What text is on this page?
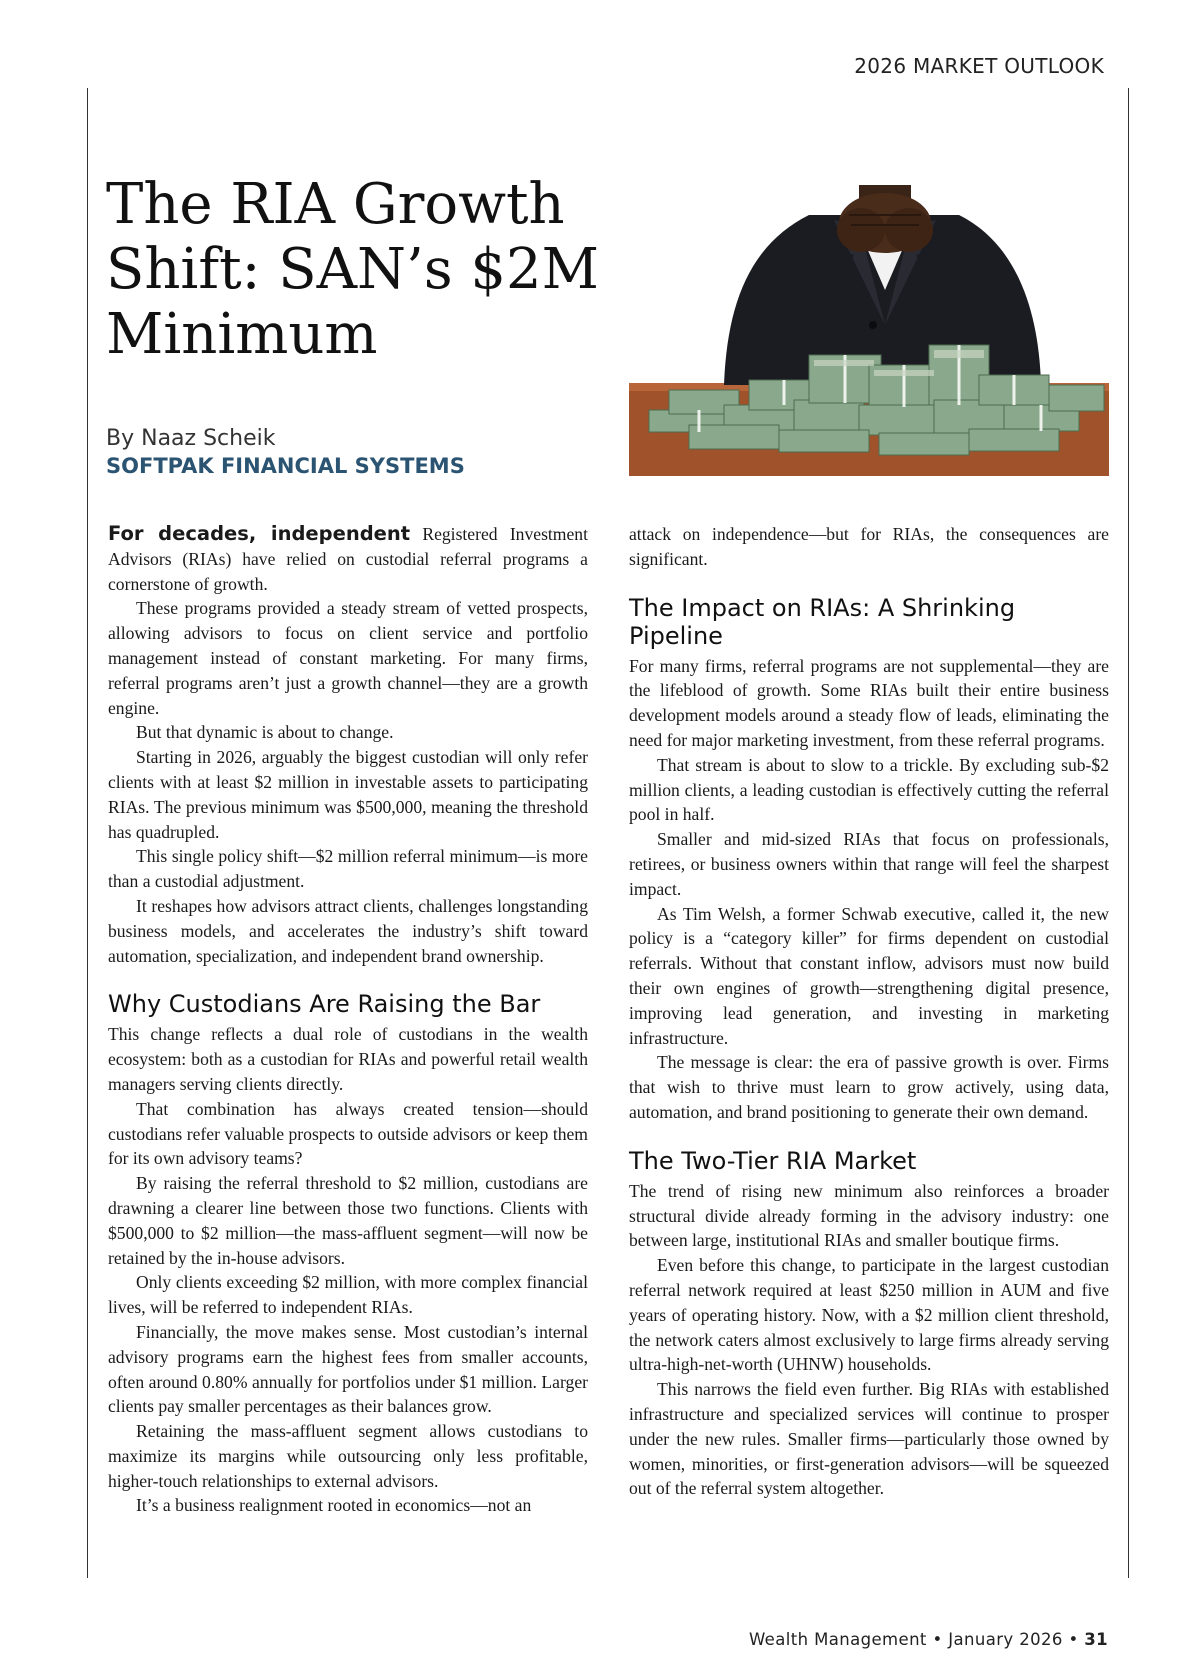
2026 MARKET OUTLOOK
The RIA Growth Shift: SAN’s $2M Minimum
By Naaz Scheik
SOFTPAK FINANCIAL SYSTEMS

For decades, independent Registered Investment Advisors (RIAs) have relied on custodial referral programs a cornerstone of growth.

These programs provided a steady stream of vetted prospects, allowing advisors to focus on client service and portfolio management instead of constant marketing. For many firms, referral programs aren’t just a growth channel—they are a growth engine.

But that dynamic is about to change.

Starting in 2026, arguably the biggest custodian will only refer clients with at least $2 million in investable assets to participating RIAs. The previous minimum was $500,000, meaning the threshold has quadrupled.

This single policy shift—$2 million referral minimum—is more than a custodial adjustment.

It reshapes how advisors attract clients, challenges longstanding business models, and accelerates the industry’s shift toward automation, specialization, and independent brand ownership.

Why Custodians Are Raising the Bar

This change reflects a dual role of custodians in the wealth ecosystem: both as a custodian for RIAs and powerful retail wealth managers serving clients directly.

That combination has always created tension—should custodians refer valuable prospects to outside advisors or keep them for its own advisory teams?

By raising the referral threshold to $2 million, custodians are drawning a clearer line between those two functions. Clients with $500,000 to $2 million—the mass-affluent segment—will now be retained by the in-house advisors.

Only clients exceeding $2 million, with more complex financial lives, will be referred to independent RIAs.

Financially, the move makes sense. Most custodian’s internal advisory programs earn the highest fees from smaller accounts, often around 0.80% annually for portfolios under $1 million. Larger clients pay smaller percentages as their balances grow.

Retaining the mass-affluent segment allows custodians to maximize its margins while outsourcing only less profitable, higher-touch relationships to external advisors.

It’s a business realignment rooted in economics—not an

attack on independence—but for RIAs, the consequences are significant.

The Impact on RIAs: A Shrinking Pipeline

For many firms, referral programs are not supplemental—they are the lifeblood of growth. Some RIAs built their entire business development models around a steady flow of leads, eliminating the need for major marketing investment, from these referral programs.

That stream is about to slow to a trickle. By excluding sub-$2 million clients, a leading custodian is effectively cutting the referral pool in half.

Smaller and mid-sized RIAs that focus on professionals, retirees, or business owners within that range will feel the sharpest impact.

As Tim Welsh, a former Schwab executive, called it, the new policy is a “category killer” for firms dependent on custodial referrals. Without that constant inflow, advisors must now build their own engines of growth—strengthening digital presence, improving lead generation, and investing in marketing infrastructure.

The message is clear: the era of passive growth is over. Firms that wish to thrive must learn to grow actively, using data, automation, and brand positioning to generate their own demand.

The Two-Tier RIA Market

The trend of rising new minimum also reinforces a broader structural divide already forming in the advisory industry: one between large, institutional RIAs and smaller boutique firms.

Even before this change, to participate in the largest custodian referral network required at least $250 million in AUM and five years of operating history. Now, with a $2 million client threshold, the network caters almost exclusively to large firms already serving ultra-high-net-worth (UHNW) households.

This narrows the field even further. Big RIAs with established infrastructure and specialized services will continue to prosper under the new rules. Smaller firms—particularly those owned by women, minorities, or first-generation advisors—will be squeezed out of the referral system altogether.

Wealth Management • January 2026 • 31
